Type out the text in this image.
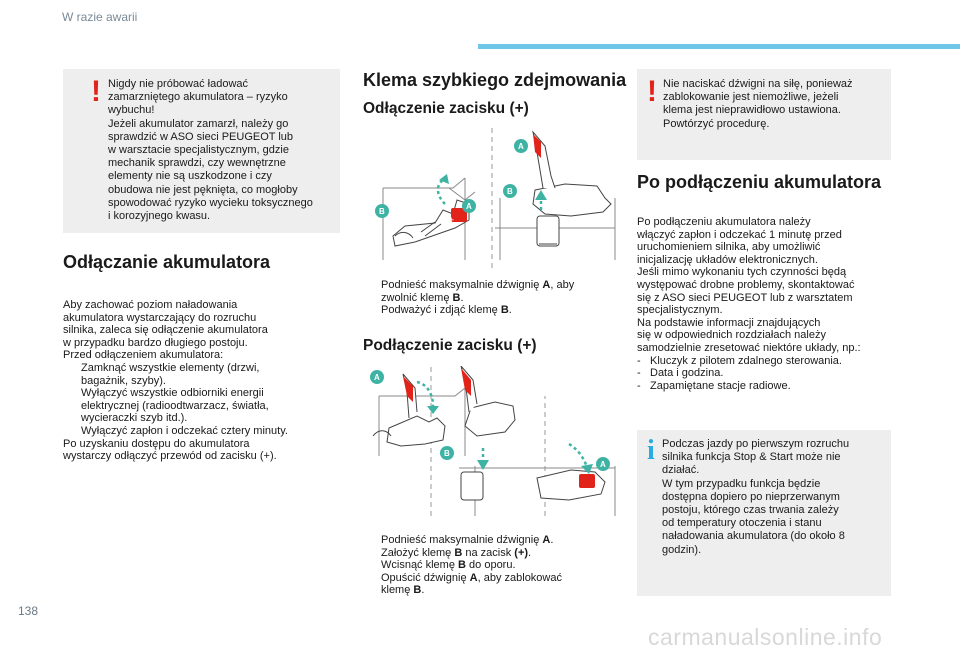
W razie awarii
! Nigdy nie próbować ładować
zamarzniętego akumulatora – ryzyko
wybuchu!
Jeżeli akumulator zamarzł, należy go
sprawdzić w ASO sieci PEUGEOT lub
w warsztacie specjalistycznym, gdzie
mechanik sprawdzi, czy wewnętrzne
elementy nie są uszkodzone i czy
obudowa nie jest pęknięta, co mogłoby
spowodować ryzyko wycieku toksycznego
i korozyjnego kwasu.
Odłączanie akumulatora
Aby zachować poziom naładowania
akumulatora wystarczający do rozruchu
silnika, zaleca się odłączenie akumulatora
w przypadku bardzo długiego postoju.
Przed odłączeniem akumulatora:
Zamknąć wszystkie elementy (drzwi,
bagażnik, szyby).
Wyłączyć wszystkie odbiorniki energii
elektrycznej (radioodtwarzacz, światła,
wycieraczki szyb itd.).
Wyłączyć zapłon i odczekać cztery minuty.
Po uzyskaniu dostępu do akumulatora
wystarczy odłączyć przewód od zacisku (+).
Klema szybkiego zdejmowania
Odłączenie zacisku (+)
+
A
B
A
B
Podnieść maksymalnie dźwignię A, aby
zwolnić klemę B.
Podważyć i zdjąć klemę B.
Podłączenie zacisku (+)
A
B
A
Podnieść maksymalnie dźwignię A.
Założyć klemę B na zacisk (+).
Wcisnąć klemę B do oporu.
Opuścić dźwignię A, aby zablokować
klemę B.
! Nie naciskać dźwigni na siłę, ponieważ
zablokowanie jest niemożliwe, jeżeli
klema jest nieprawidłowo ustawiona.
Powtórzyć procedurę.
Po podłączeniu akumulatora
Po podłączeniu akumulatora należy
włączyć zapłon i odczekać 1 minutę przed
uruchomieniem silnika, aby umożliwić
inicjalizację układów elektronicznych.
Jeśli mimo wykonaniu tych czynności będą
występować drobne problemy, skontaktować
się z ASO sieci PEUGEOT lub z warsztatem
specjalistycznym.
Na podstawie informacji znajdujących
się w odpowiednich rozdziałach należy
samodzielnie zresetować niektóre układy, np.:
- Kluczyk z pilotem zdalnego sterowania.
- Data i godzina.
- Zapamiętane stacje radiowe.
i Podczas jazdy po pierwszym rozruchu
silnika funkcja Stop & Start może nie
działać.
W tym przypadku funkcja będzie
dostępna dopiero po nieprzerwanym
postoju, którego czas trwania zależy
od temperatury otoczenia i stanu
naładowania akumulatora (do około 8
godzin).
138
carmanualsonline.info
